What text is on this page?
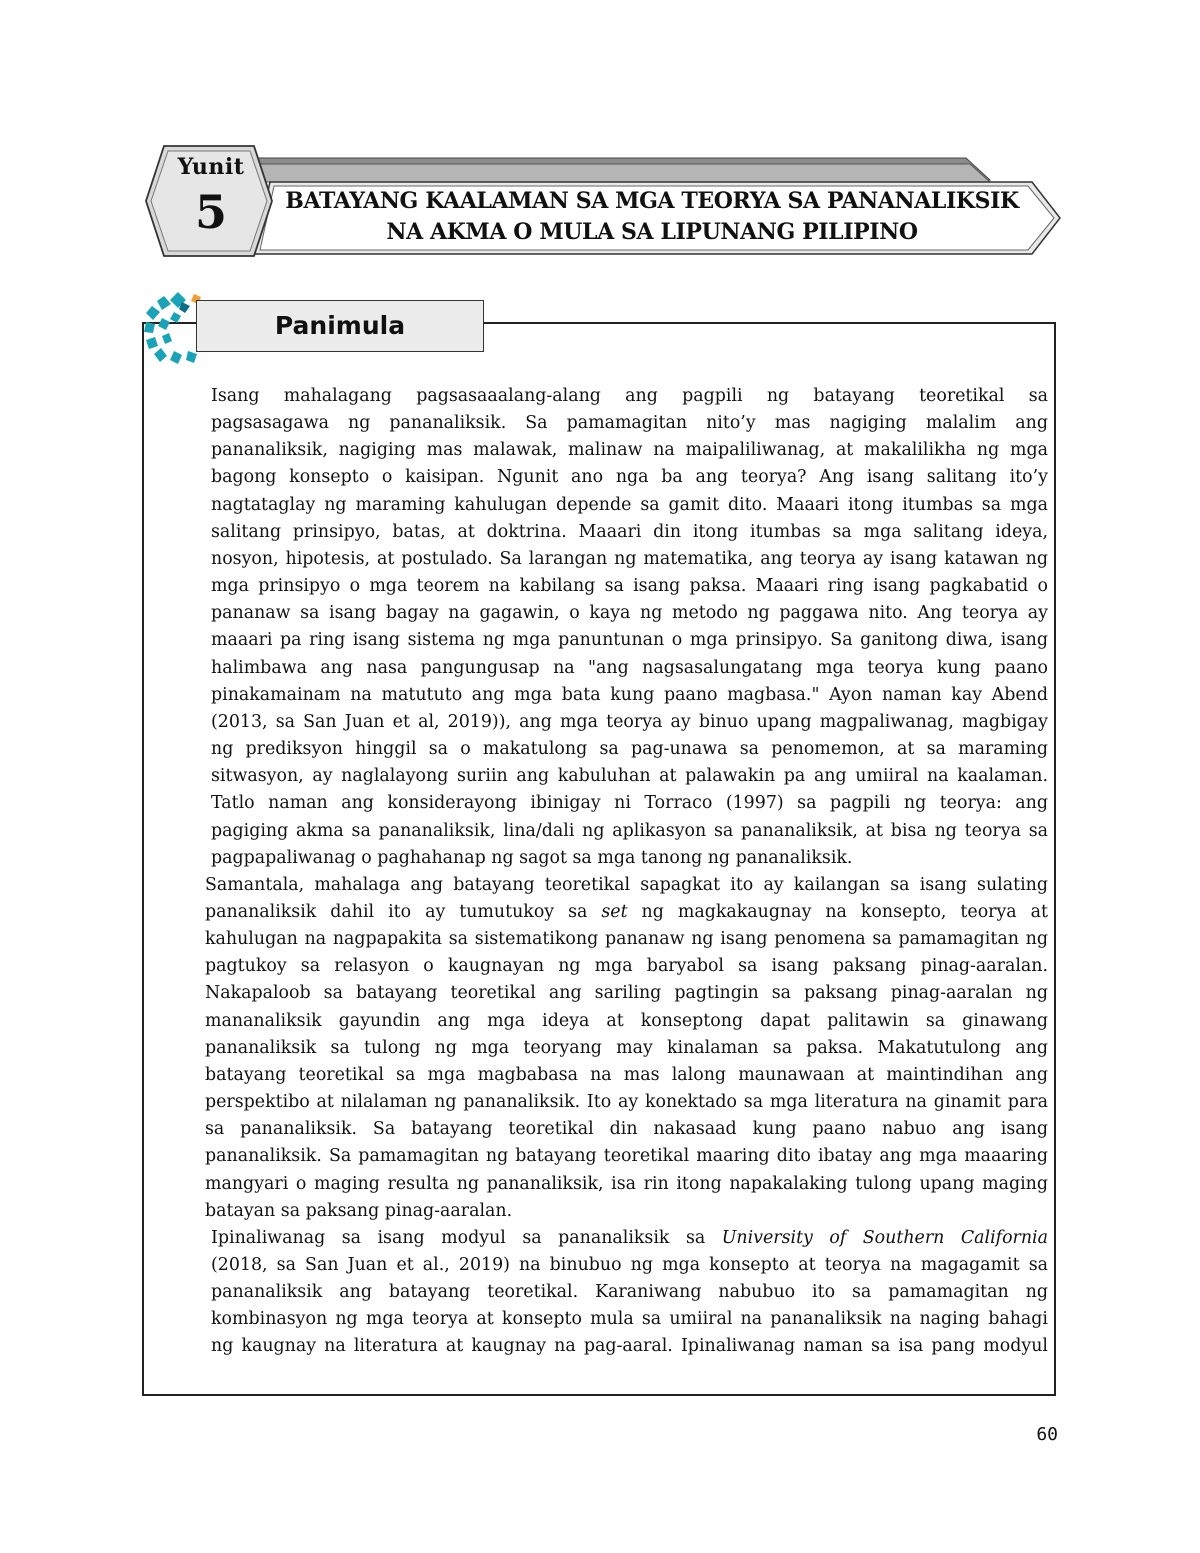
Yunit
5	BATAYANG KAALAMAN SA MGA TEORYA SA PANANALIKSIK
NA AKMA O MULA SA LIPUNANG PILIPINO
Panimula

Isang mahalagang pagsasaaalang-alang ang pagpili ng batayang teoretikal sa
pagsasagawa ng pananaliksik. Sa pamamagitan nito’y mas nagiging malalim ang
pananaliksik, nagiging mas malawak, malinaw na maipaliliwanag, at makalilikha ng mga
bagong konsepto o kaisipan. Ngunit ano nga ba ang teorya? Ang isang salitang ito’y
nagtataglay ng maraming kahulugan depende sa gamit dito. Maaari itong itumbas sa mga
salitang prinsipyo, batas, at doktrina. Maaari din itong itumbas sa mga salitang ideya,
nosyon, hipotesis, at postulado. Sa larangan ng matematika, ang teorya ay isang katawan ng
mga prinsipyo o mga teorem na kabilang sa isang paksa. Maaari ring isang pagkabatid o
pananaw sa isang bagay na gagawin, o kaya ng metodo ng paggawa nito. Ang teorya ay
maaari pa ring isang sistema ng mga panuntunan o mga prinsipyo. Sa ganitong diwa, isang
halimbawa ang nasa pangungusap na "ang nagsasalungatang mga teorya kung paano
pinakamainam na matututo ang mga bata kung paano magbasa." Ayon naman kay Abend
(2013, sa San Juan et al, 2019)), ang mga teorya ay binuo upang magpaliwanag, magbigay
ng prediksyon hinggil sa o makatulong sa pag-unawa sa penomemon, at sa maraming
sitwasyon, ay naglalayong suriin ang kabuluhan at palawakin pa ang umiiral na kaalaman.
Tatlo naman ang konsiderayong ibinigay ni Torraco (1997) sa pagpili ng teorya: ang
pagiging akma sa pananaliksik, lina/dali ng aplikasyon sa pananaliksik, at bisa ng teorya sa
pagpapaliwanag o paghahanap ng sagot sa mga tanong ng pananaliksik.

Samantala, mahalaga ang batayang teoretikal sapagkat ito ay kailangan sa isang sulating
pananaliksik dahil ito ay tumutukoy sa set ng magkakaugnay na konsepto, teorya at
kahulugan na nagpapakita sa sistematikong pananaw ng isang penomena sa pamamagitan ng
pagtukoy sa relasyon o kaugnayan ng mga baryabol sa isang paksang pinag-aaralan.
Nakapaloob sa batayang teoretikal ang sariling pagtingin sa paksang pinag-aaralan ng
mananaliksik gayundin ang mga ideya at konseptong dapat palitawin sa ginawang
pananaliksik sa tulong ng mga teoryang may kinalaman sa paksa. Makatutulong ang
batayang teoretikal sa mga magbabasa na mas lalong maunawaan at maintindihan ang
perspektibo at nilalaman ng pananaliksik. Ito ay konektado sa mga literatura na ginamit para
sa pananaliksik. Sa batayang teoretikal din nakasaad kung paano nabuo ang isang
pananaliksik. Sa pamamagitan ng batayang teoretikal maaring dito ibatay ang mga maaaring
mangyari o maging resulta ng pananaliksik, isa rin itong napakalaking tulong upang maging
batayan sa paksang pinag-aaralan.

Ipinaliwanag sa isang modyul sa pananaliksik sa University of Southern California
(2018, sa San Juan et al., 2019) na binubuo ng mga konsepto at teorya na magagamit sa
pananaliksik ang batayang teoretikal. Karaniwang nabubuo ito sa pamamagitan ng
kombinasyon ng mga teorya at konsepto mula sa umiiral na pananaliksik na naging bahagi
ng kaugnay na literatura at kaugnay na pag-aaral. Ipinaliwanag naman sa isa pang modyul

60
